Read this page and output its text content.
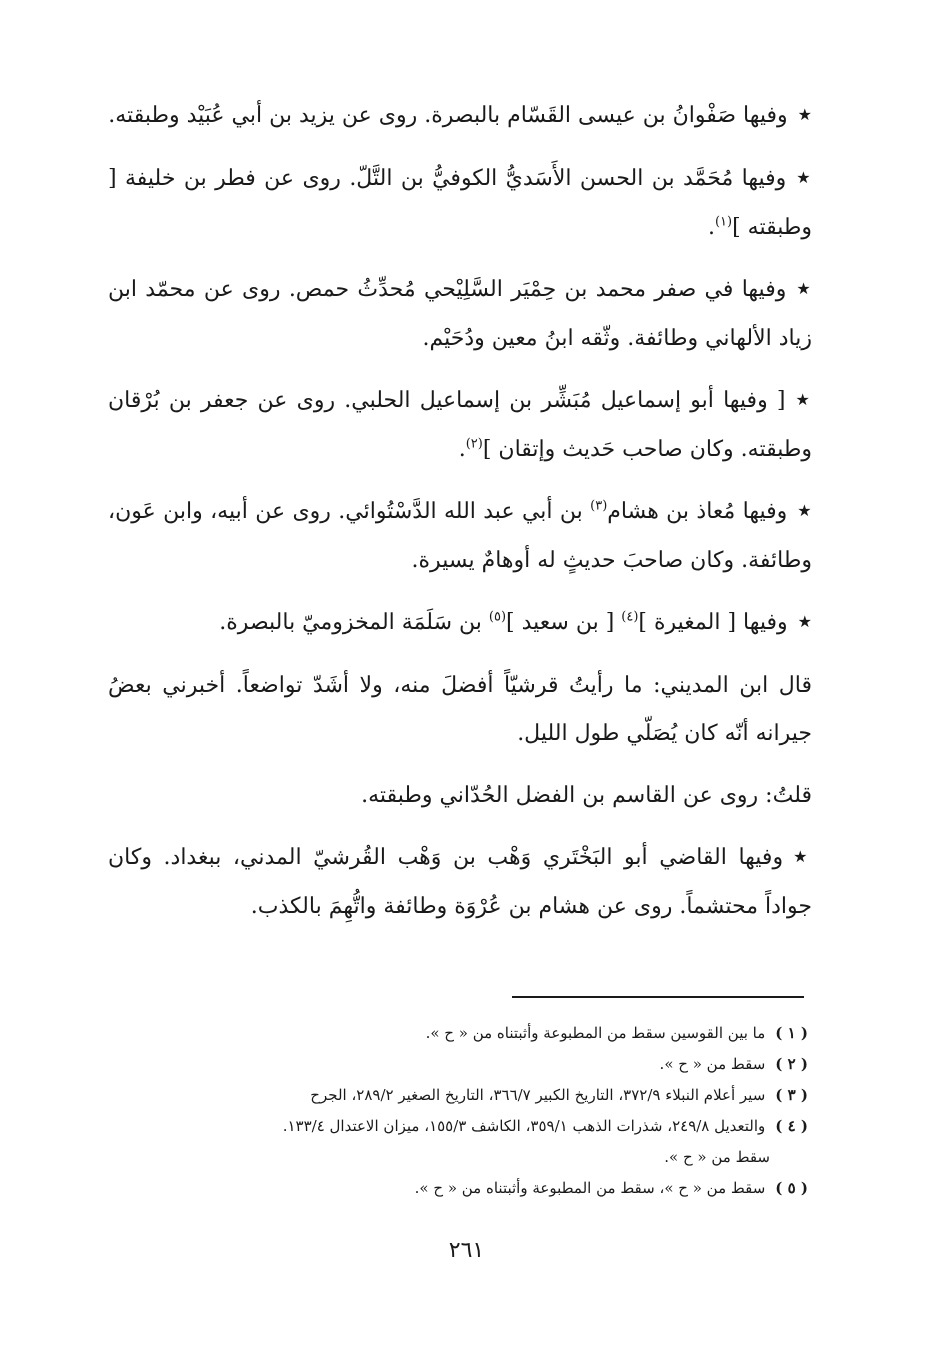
★وفيها صَفْوانُ بن عيسى القَسّام بالبصرة. روى عن يزيد بن أبي عُبَيْد وطبقته.

★وفيها مُحَمَّد بن الحسن الأَسَديُّ الكوفيُّ بن التَّلّ. روى عن فطر بن خليفة [ وطبقته ]$^{(١)}$.

★وفيها في صفر محمد بن حِمْيَر السَّلِيْحي مُحدِّثُ حمص. روى عن محمّد ابن زياد الألهاني وطائفة. وثّقه ابنُ معين ودُحَيْم.

★[ وفيها أبو إسماعيل مُبَشِّر بن إسماعيل الحلبي. روى عن جعفر بن بُرْقان وطبقته. وكان صاحب حَديث وإتقان ]$^{(٢)}$.

★وفيها مُعاذ بن هشام$^{(٣)}$ بن أبي عبد الله الدَّسْتُوائي. روى عن أبيه، وابن عَون، وطائفة. وكان صاحبَ حديثٍ له أوهامٌ يسيرة.

★وفيها [ المغيرة ]$^{(٤)}$ [ بن سعيد ]$^{(٥)}$ بن سَلَمَة المخزوميّ بالبصرة.

قال ابن المديني: ما رأيتُ قرشيّاً أفضلَ منه، ولا أشَدّ تواضعاً. أخبرني بعضُ جيرانه أنّه كان يُصَلّي طول الليل.

قلتُ: روى عن القاسم بن الفضل الحُدّاني وطبقته.

★وفيها القاضي أبو البَخْتَري وَهْب بن وَهْب القُرشيّ المدني، ببغداد. وكان جواداً محتشماً. روى عن هشام بن عُرْوَة وطائفة واتُّهِمَ بالكذب.

( ١ )
ما بين القوسين سقط من المطبوعة وأثبتناه من « ح ».

( ٢ )
سقط من « ح ».

( ٣ )
سير أعلام النبلاء ٣٧٢/٩، التاريخ الكبير ٣٦٦/٧، التاريخ الصغير ٢٨٩/٢، الجرح

( ٤ )
والتعديل ٢٤٩/٨، شذرات الذهب ٣٥٩/١، الكاشف ١٥٥/٣، ميزان الاعتدال ١٣٣/٤.

سقط من « ح ».

( ٥ )
سقط من « ح »، سقط من المطبوعة وأثبتناه من « ح ».

٢٦١
